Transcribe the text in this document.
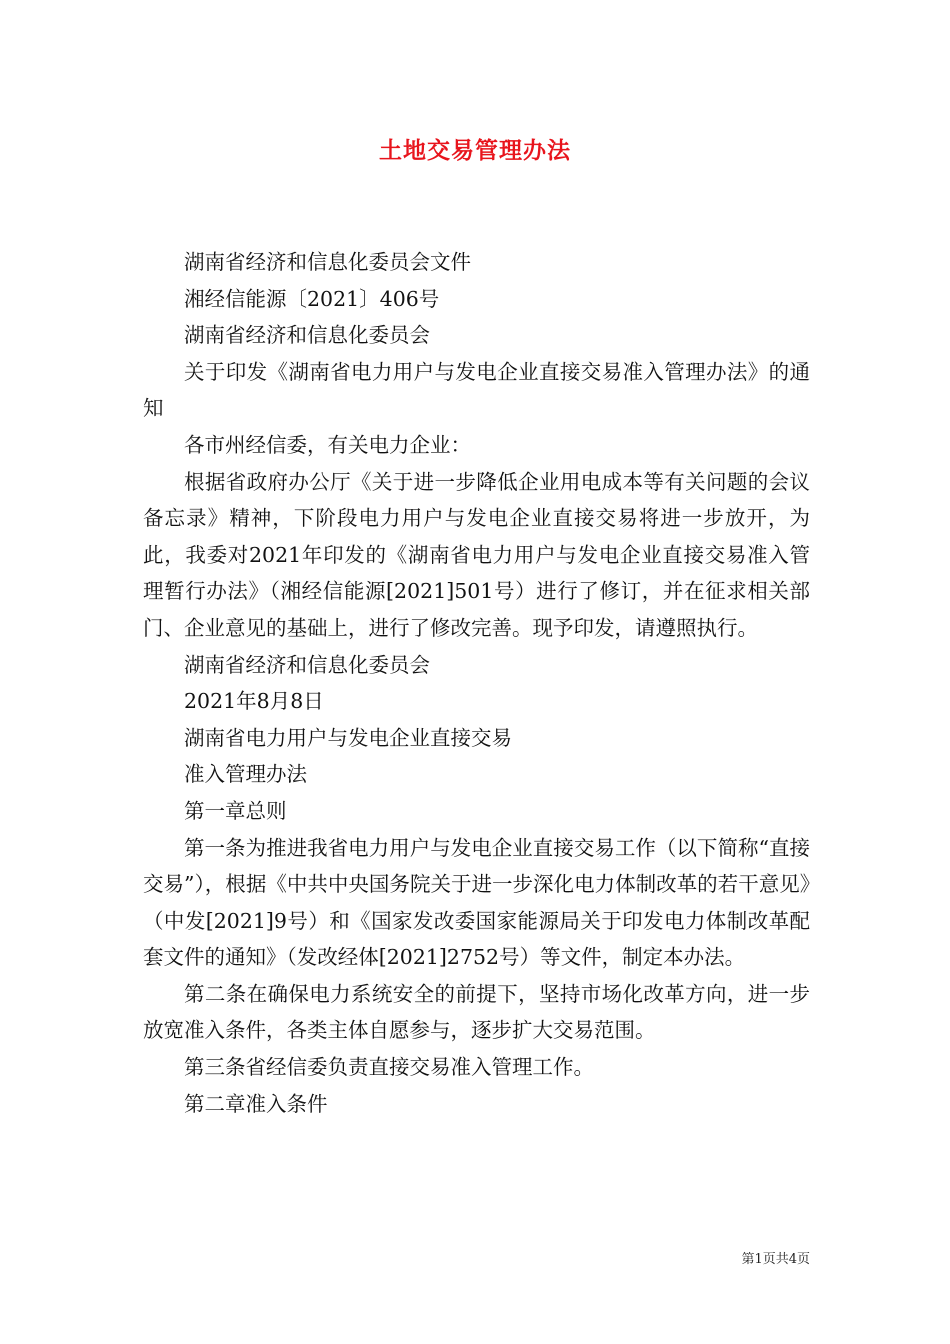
土地交易管理办法

湖南省经济和信息化委员会文件

湘经信能源〔2021〕406号

湖南省经济和信息化委员会

关于印发《湖南省电力用户与发电企业直接交易准入管理办法》的通知

各市州经信委，有关电力企业：

根据省政府办公厅《关于进一步降低企业用电成本等有关问题的会议备忘录》精神，下阶段电力用户与发电企业直接交易将进一步放开，为此，我委对2021年印发的《湖南省电力用户与发电企业直接交易准入管理暂行办法》（湘经信能源[2021]501号）进行了修订，并在征求相关部门、企业意见的基础上，进行了修改完善。现予印发，请遵照执行。

湖南省经济和信息化委员会

2021年8月8日

湖南省电力用户与发电企业直接交易

准入管理办法

第一章总则

第一条为推进我省电力用户与发电企业直接交易工作（以下简称“直接交易”），根据《中共中央国务院关于进一步深化电力体制改革的若干意见》（中发[2021]9号）和《国家发改委国家能源局关于印发电力体制改革配套文件的通知》（发改经体[2021]2752号）等文件，制定本办法。

第二条在确保电力系统安全的前提下，坚持市场化改革方向，进一步放宽准入条件，各类主体自愿参与，逐步扩大交易范围。

第三条省经信委负责直接交易准入管理工作。

第二章准入条件

第1页共4页
